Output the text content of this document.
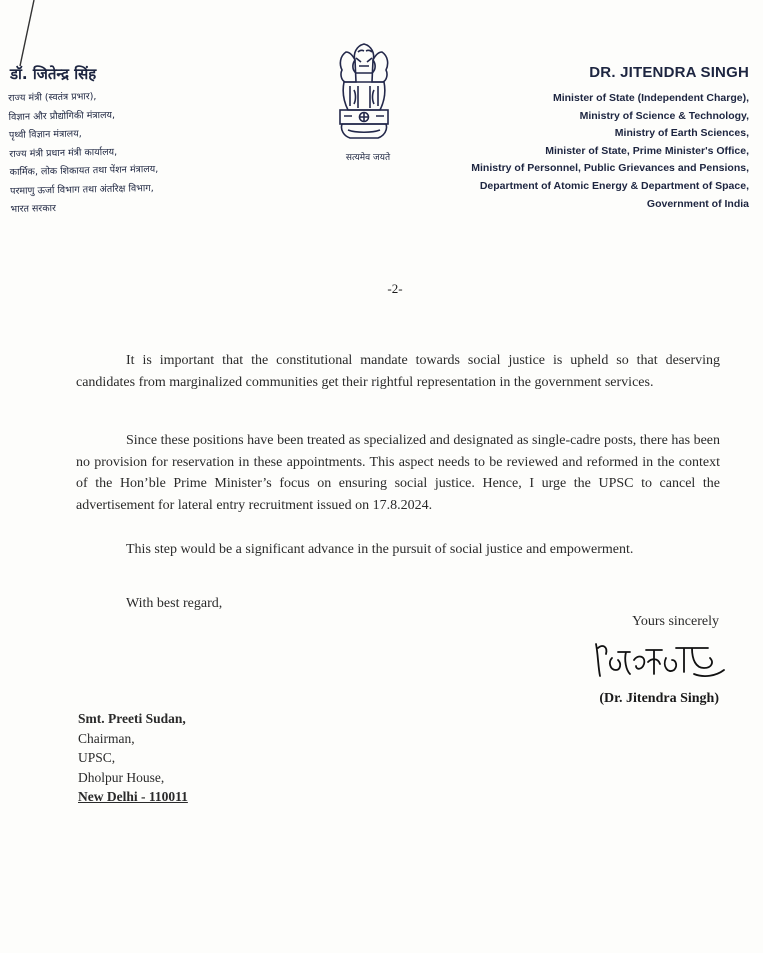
डॉ. जितेन्द्र सिंह
राज्य मंत्री (स्वतंत्र प्रभार),
विज्ञान और प्रौद्योगिकी मंत्रालय,
पृथ्वी विज्ञान मंत्रालय,
राज्य मंत्री प्रधान मंत्री कार्यालय,
कार्मिक, लोक शिकायत तथा पेंशन मंत्रालय,
परमाणु ऊर्जा विभाग तथा अंतरिक्ष विभाग,
भारत सरकार
सत्यमेव जयते
DR. JITENDRA SINGH
Minister of State (Independent Charge),
Ministry of Science & Technology,
Ministry of Earth Sciences,
Minister of State, Prime Minister's Office,
Ministry of Personnel, Public Grievances and Pensions,
Department of Atomic Energy & Department of Space,
Government of India
-2-

It is important that the constitutional mandate towards social justice is upheld so that deserving candidates from marginalized communities get their rightful representation in the government services.

Since these positions have been treated as specialized and designated as single-cadre posts, there has been no provision for reservation in these appointments. This aspect needs to be reviewed and reformed in the context of the Hon’ble Prime Minister’s focus on ensuring social justice. Hence, I urge the UPSC to cancel the advertisement for lateral entry recruitment issued on 17.8.2024.

This step would be a significant advance in the pursuit of social justice and empowerment.

With best regard,
Yours sincerely
(Dr. Jitendra Singh)
Smt. Preeti Sudan,
Chairman,
UPSC,
Dholpur House,
New Delhi - 110011
